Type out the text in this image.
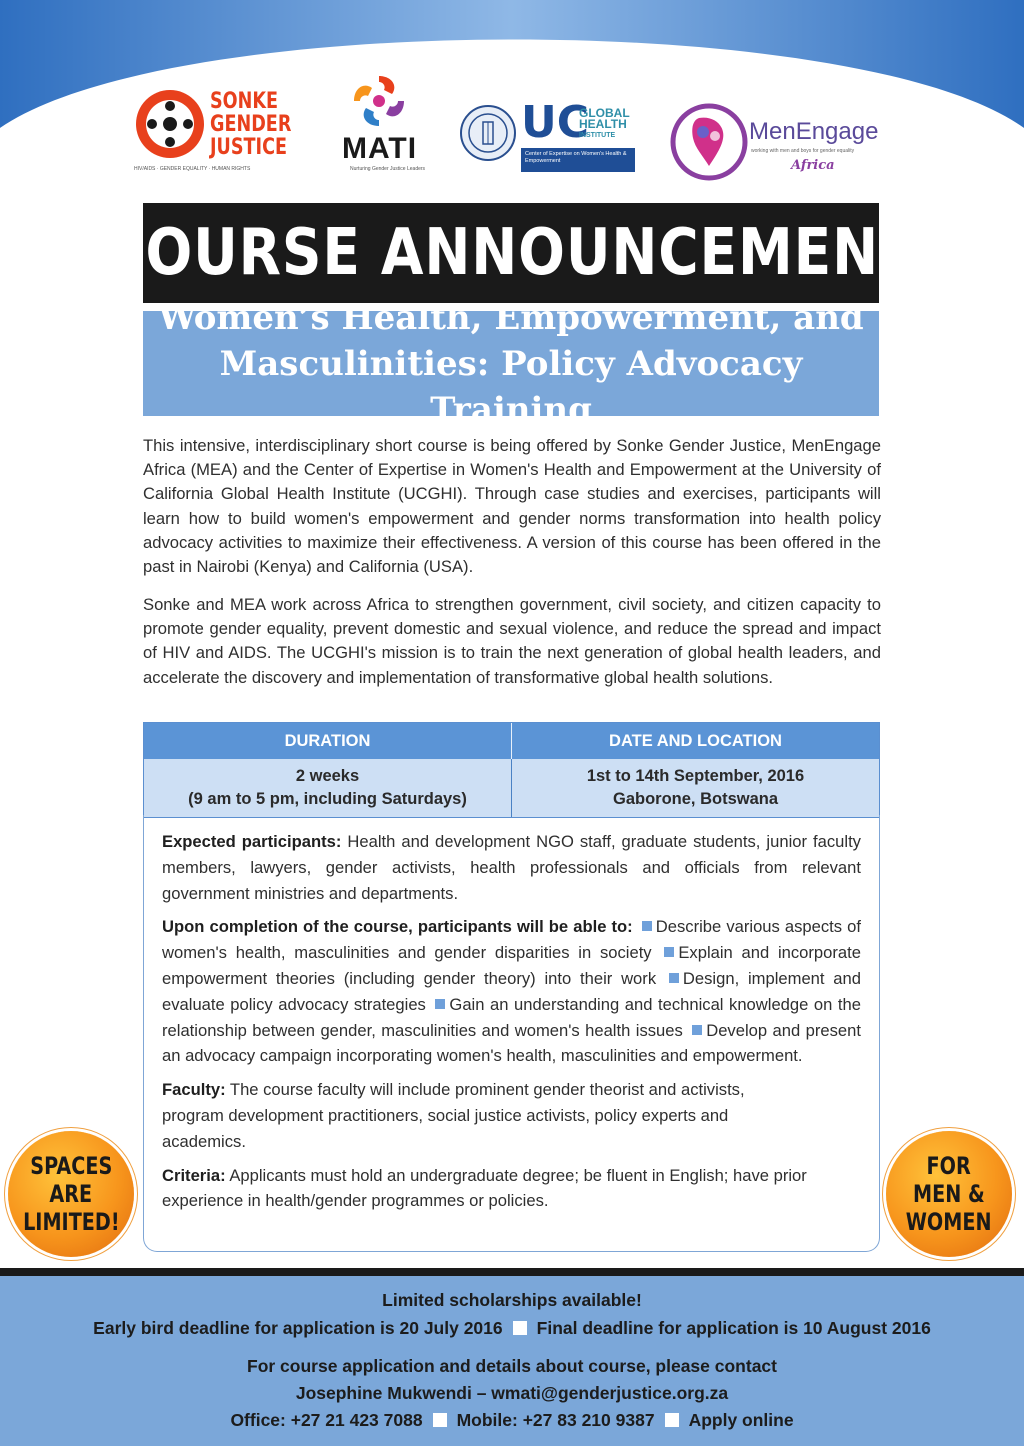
SONKE
GENDER
JUSTICE
HIV/AIDS · GENDER EQUALITY · HUMAN RIGHTS
MATI
Nurturing Gender Justice Leaders
UC
GLOBAL
HEALTH
INSTITUTE
Center of Expertise on Women's Health & Empowerment
MenEngage
working with men and boys for gender equality
Africa
COURSE ANNOUNCEMENT
Women’s Health, Empowerment, and
Masculinities: Policy Advocacy Training

This intensive, interdisciplinary short course is being offered by Sonke Gender Justice, MenEngage Africa (MEA) and the Center of Expertise in Women's Health and Empowerment at the University of California Global Health Institute (UCGHI). Through case studies and exercises, participants will learn how to build women's empowerment and gender norms transformation into health policy advocacy activities to maximize their effectiveness. A version of this course has been offered in the past in Nairobi (Kenya) and California (USA).

Sonke and MEA work across Africa to strengthen government, civil society, and citizen capacity to promote gender equality, prevent domestic and sexual violence, and reduce the spread and impact of HIV and AIDS. The UCGHI's mission is to train the next generation of global health leaders, and accelerate the discovery and implementation of transformative global health solutions.

DURATION	DATE AND LOCATION
2 weeks
(9 am to 5 pm, including Saturdays)
1st to 14th September, 2016
Gaborone, Botswana

Expected participants: Health and development NGO staff, graduate students, junior faculty members, lawyers, gender activists, health professionals and officials from relevant government ministries and departments.

Upon completion of the course, participants will be able to: Describe various aspects of women's health, masculinities and gender disparities in society Explain and incorporate empowerment theories (including gender theory) into their work Design, implement and evaluate policy advocacy strategies Gain an understanding and technical knowledge on the relationship between gender, masculinities and women's health issues Develop and present an advocacy campaign incorporating women's health, masculinities and empowerment.

Faculty: The course faculty will include prominent gender theorist and activists, program development practitioners, social justice activists, policy experts and academics.

Criteria: Applicants must hold an undergraduate degree; be fluent in English; have prior experience in health/gender programmes or policies.

SPACES
ARE
LIMITED!
FOR
MEN &
WOMEN
Limited scholarships available!
Early bird deadline for application is 20 July 2016 Final deadline for application is 10 August 2016
For course application and details about course, please contact
Josephine Mukwendi – wmati@genderjustice.org.za
Office: +27 21 423 7088 Mobile: +27 83 210 9387 Apply online
